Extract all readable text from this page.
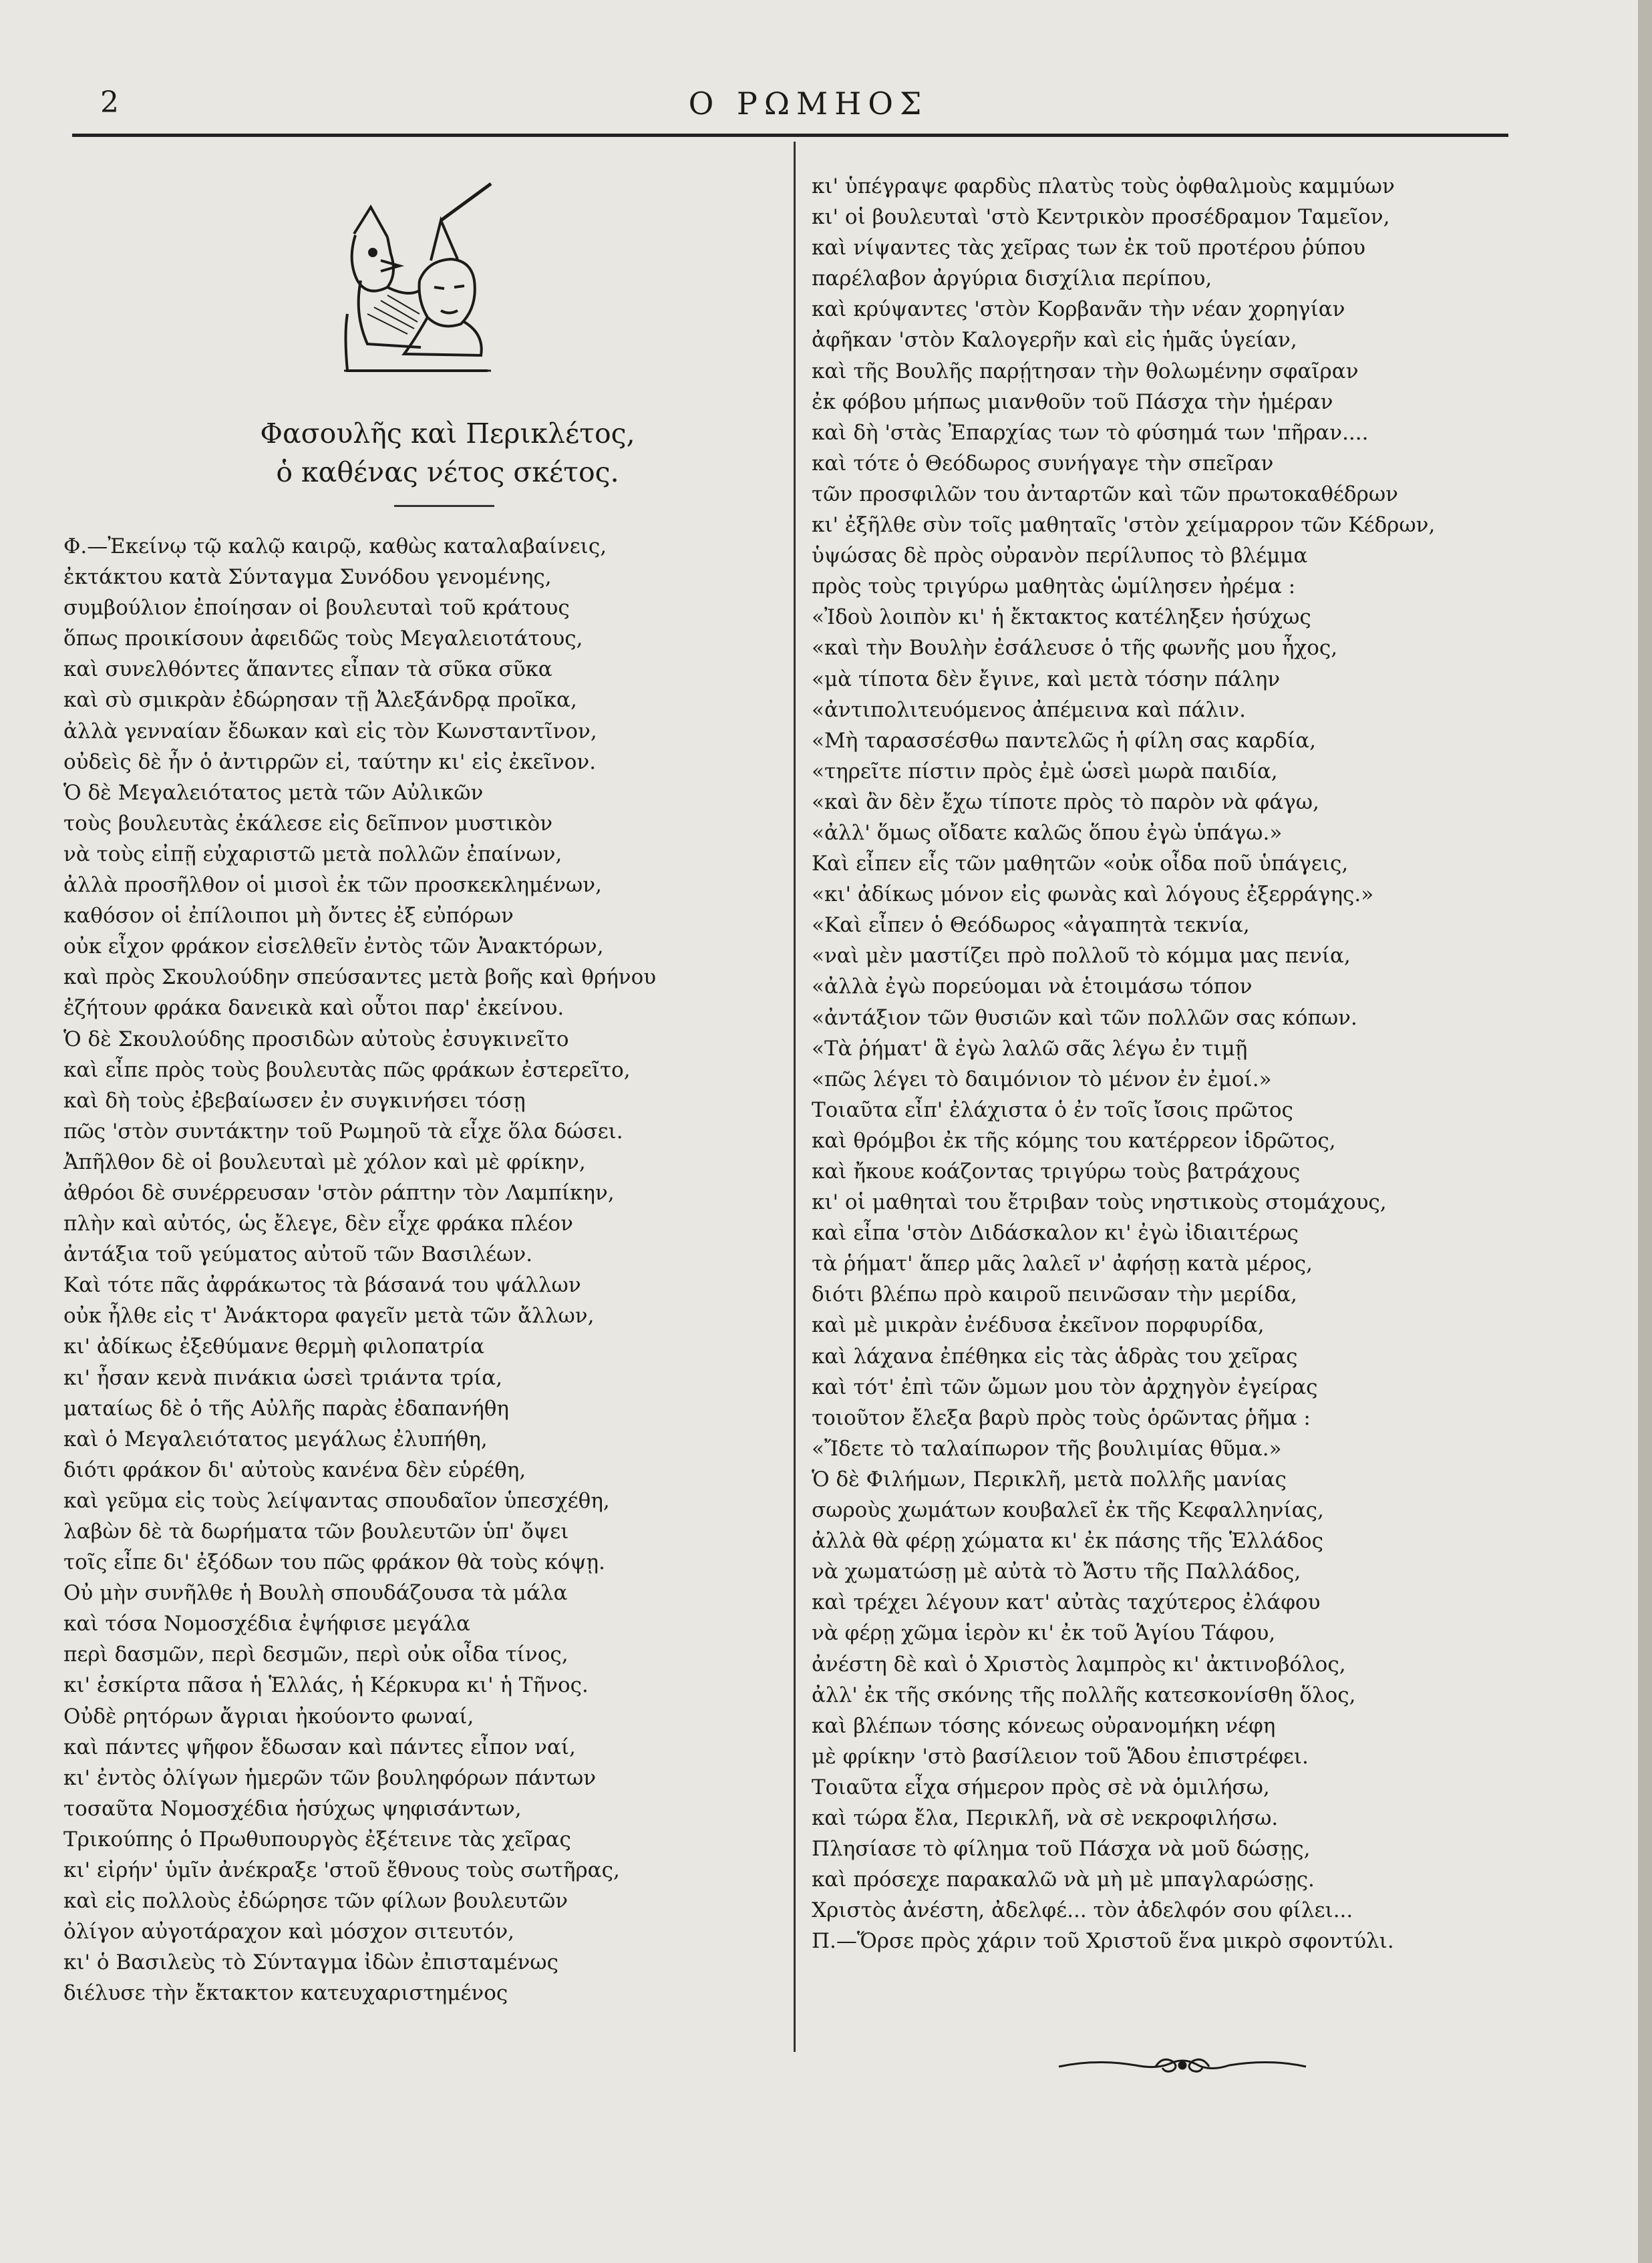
2	Ο ΡΩΜΗΟΣ
Φασουλῆς καὶ Περικλέτος,
ὁ καθένας νέτος σκέτος.
Φ.—Ἐκείνῳ τῷ καλῷ καιρῷ, καθὼς καταλαβαίνεις,
ἐκτάκτου κατὰ Σύνταγμα Συνόδου γενομένης,
συμβούλιον ἐποίησαν οἱ βουλευταὶ τοῦ κράτους
ὅπως προικίσουν ἀφειδῶς τοὺς Μεγαλειοτάτους,
καὶ συνελθόντες ἅπαντες εἶπαν τὰ σῦκα σῦκα
καὶ σὺ σμικρὰν ἐδώρησαν τῇ Ἀλεξάνδρᾳ προῖκα,
ἀλλὰ γενναίαν ἔδωκαν καὶ εἰς τὸν Κωνσταντῖνον,
οὐδεὶς δὲ ἦν ὁ ἀντιρρῶν εἰ, ταύτην κι' εἰς ἐκεῖνον.
Ὁ δὲ Μεγαλειότατος μετὰ τῶν Αὐλικῶν
τοὺς βουλευτὰς ἐκάλεσε εἰς δεῖπνον μυστικὸν
νὰ τοὺς εἰπῇ εὐχαριστῶ μετὰ πολλῶν ἐπαίνων,
ἀλλὰ προσῆλθον οἱ μισοὶ ἐκ τῶν προσκεκλημένων,
καθόσον οἱ ἐπίλοιποι μὴ ὄντες ἐξ εὐπόρων
οὐκ εἶχον φράκον εἰσελθεῖν ἐντὸς τῶν Ἀνακτόρων,
καὶ πρὸς Σκουλούδην σπεύσαντες μετὰ βοῆς καὶ θρήνου
ἐζήτουν φράκα δανεικὰ καὶ οὗτοι παρ' ἐκείνου.
Ὁ δὲ Σκουλούδης προσιδὼν αὐτοὺς ἐσυγκινεῖτο
καὶ εἶπε πρὸς τοὺς βουλευτὰς πῶς φράκων ἐστερεῖτο,
καὶ δὴ τοὺς ἐβεβαίωσεν ἐν συγκινήσει τόσῃ
πῶς 'στὸν συντάκτην τοῦ Ρωμηοῦ τὰ εἶχε ὅλα δώσει.
Ἀπῆλθον δὲ οἱ βουλευταὶ μὲ χόλον καὶ μὲ φρίκην,
ἀθρόοι δὲ συνέρρευσαν 'στὸν ράπτην τὸν Λαμπίκην,
πλὴν καὶ αὐτός, ὡς ἔλεγε, δὲν εἶχε φράκα πλέον
ἀντάξια τοῦ γεύματος αὐτοῦ τῶν Βασιλέων.
Καὶ τότε πᾶς ἀφράκωτος τὰ βάσανά του ψάλλων
οὐκ ἦλθε εἰς τ' Ἀνάκτορα φαγεῖν μετὰ τῶν ἄλλων,
κι' ἀδίκως ἐξεθύμανε θερμὴ φιλοπατρία
κι' ἦσαν κενὰ πινάκια ὡσεὶ τριάντα τρία,
ματαίως δὲ ὁ τῆς Αὐλῆς παρὰς ἐδαπανήθη
καὶ ὁ Μεγαλειότατος μεγάλως ἐλυπήθη,
διότι φράκον δι' αὐτοὺς κανένα δὲν εὑρέθη,
καὶ γεῦμα εἰς τοὺς λείψαντας σπουδαῖον ὑπεσχέθη,
λαβὼν δὲ τὰ δωρήματα τῶν βουλευτῶν ὑπ' ὄψει
τοῖς εἶπε δι' ἐξόδων του πῶς φράκον θὰ τοὺς κόψῃ.
Οὐ μὴν συνῆλθε ἡ Βουλὴ σπουδάζουσα τὰ μάλα
καὶ τόσα Νομοσχέδια ἐψήφισε μεγάλα
περὶ δασμῶν, περὶ δεσμῶν, περὶ οὐκ οἶδα τίνος,
κι' ἐσκίρτα πᾶσα ἡ Ἑλλάς, ἡ Κέρκυρα κι' ἡ Τῆνος.
Οὐδὲ ρητόρων ἄγριαι ἠκούοντο φωναί,
καὶ πάντες ψῆφον ἔδωσαν καὶ πάντες εἶπον ναί,
κι' ἐντὸς ὀλίγων ἡμερῶν τῶν βουληφόρων πάντων
τοσαῦτα Νομοσχέδια ἡσύχως ψηφισάντων,
Τρικούπης ὁ Πρωθυπουργὸς ἐξέτεινε τὰς χεῖρας
κι' εἰρήν' ὑμῖν ἀνέκραξε 'στοῦ ἔθνους τοὺς σωτῆρας,
καὶ εἰς πολλοὺς ἐδώρησε τῶν φίλων βουλευτῶν
ὀλίγον αὐγοτάραχον καὶ μόσχον σιτευτόν,
κι' ὁ Βασιλεὺς τὸ Σύνταγμα ἰδὼν ἐπισταμένως
διέλυσε τὴν ἔκτακτον κατευχαριστημένος
κι' ὑπέγραψε φαρδὺς πλατὺς τοὺς ὀφθαλμοὺς καμμύων
κι' οἱ βουλευταὶ 'στὸ Κεντρικὸν προσέδραμον Ταμεῖον,
καὶ νίψαντες τὰς χεῖρας των ἐκ τοῦ προτέρου ῥύπου
παρέλαβον ἀργύρια δισχίλια περίπου,
καὶ κρύψαντες 'στὸν Κορβανᾶν τὴν νέαν χορηγίαν
ἀφῆκαν 'στὸν Καλογερῆν καὶ εἰς ἡμᾶς ὑγείαν,
καὶ τῆς Βουλῆς παρῄτησαν τὴν θολωμένην σφαῖραν
ἐκ φόβου μήπως μιανθοῦν τοῦ Πάσχα τὴν ἡμέραν
καὶ δὴ 'στὰς Ἐπαρχίας των τὸ φύσημά των 'πῆραν....
καὶ τότε ὁ Θεόδωρος συνήγαγε τὴν σπεῖραν
τῶν προσφιλῶν του ἀνταρτῶν καὶ τῶν πρωτοκαθέδρων
κι' ἐξῆλθε σὺν τοῖς μαθηταῖς 'στὸν χείμαρρον τῶν Κέδρων,
ὑψώσας δὲ πρὸς οὐρανὸν περίλυπος τὸ βλέμμα
πρὸς τοὺς τριγύρω μαθητὰς ὡμίλησεν ἠρέμα :
«Ἰδοὺ λοιπὸν κι' ἡ ἔκτακτος κατέληξεν ἡσύχως
«καὶ τὴν Βουλὴν ἐσάλευσε ὁ τῆς φωνῆς μου ἦχος,
«μὰ τίποτα δὲν ἔγινε, καὶ μετὰ τόσην πάλην
«ἀντιπολιτευόμενος ἀπέμεινα καὶ πάλιν.
«Μὴ ταρασσέσθω παντελῶς ἡ φίλη σας καρδία,
«τηρεῖτε πίστιν πρὸς ἐμὲ ὡσεὶ μωρὰ παιδία,
«καὶ ἂν δὲν ἔχω τίποτε πρὸς τὸ παρὸν νὰ φάγω,
«ἀλλ' ὅμως οἴδατε καλῶς ὅπου ἐγὼ ὑπάγω.»
Καὶ εἶπεν εἷς τῶν μαθητῶν «οὐκ οἶδα ποῦ ὑπάγεις,
«κι' ἀδίκως μόνον εἰς φωνὰς καὶ λόγους ἐξερράγης.»
«Καὶ εἶπεν ὁ Θεόδωρος «ἀγαπητὰ τεκνία,
«ναὶ μὲν μαστίζει πρὸ πολλοῦ τὸ κόμμα μας πενία,
«ἀλλὰ ἐγὼ πορεύομαι νὰ ἑτοιμάσω τόπον
«ἀντάξιον τῶν θυσιῶν καὶ τῶν πολλῶν σας κόπων.
«Τὰ ῥήματ' ἃ ἐγὼ λαλῶ σᾶς λέγω ἐν τιμῇ
«πῶς λέγει τὸ δαιμόνιον τὸ μένον ἐν ἐμοί.»
Τοιαῦτα εἶπ' ἐλάχιστα ὁ ἐν τοῖς ἴσοις πρῶτος
καὶ θρόμβοι ἐκ τῆς κόμης του κατέρρεον ἱδρῶτος,
καὶ ἤκουε κοάζοντας τριγύρω τοὺς βατράχους
κι' οἱ μαθηταὶ του ἔτριβαν τοὺς νηστικοὺς στομάχους,
καὶ εἶπα 'στὸν Διδάσκαλον κι' ἐγὼ ἰδιαιτέρως
τὰ ῥήματ' ἅπερ μᾶς λαλεῖ ν' ἀφήσῃ κατὰ μέρος,
διότι βλέπω πρὸ καιροῦ πεινῶσαν τὴν μερίδα,
καὶ μὲ μικρὰν ἐνέδυσα ἐκεῖνον πορφυρίδα,
καὶ λάχανα ἐπέθηκα εἰς τὰς ἁδρὰς του χεῖρας
καὶ τότ' ἐπὶ τῶν ὤμων μου τὸν ἀρχηγὸν ἐγείρας
τοιοῦτον ἔλεξα βαρὺ πρὸς τοὺς ὁρῶντας ῥῆμα :
«Ἴδετε τὸ ταλαίπωρον τῆς βουλιμίας θῦμα.»
Ὁ δὲ Φιλήμων, Περικλῆ, μετὰ πολλῆς μανίας
σωροὺς χωμάτων κουβαλεῖ ἐκ τῆς Κεφαλληνίας,
ἀλλὰ θὰ φέρῃ χώματα κι' ἐκ πάσης τῆς Ἑλλάδος
νὰ χωματώσῃ μὲ αὐτὰ τὸ Ἄστυ τῆς Παλλάδος,
καὶ τρέχει λέγουν κατ' αὐτὰς ταχύτερος ἐλάφου
νὰ φέρῃ χῶμα ἱερὸν κι' ἐκ τοῦ Ἁγίου Τάφου,
ἀνέστη δὲ καὶ ὁ Χριστὸς λαμπρὸς κι' ἀκτινοβόλος,
ἀλλ' ἐκ τῆς σκόνης τῆς πολλῆς κατεσκονίσθη ὅλος,
καὶ βλέπων τόσης κόνεως οὐρανομήκη νέφη
μὲ φρίκην 'στὸ βασίλειον τοῦ Ἅδου ἐπιστρέφει.
Τοιαῦτα εἶχα σήμερον πρὸς σὲ νὰ ὁμιλήσω,
καὶ τώρα ἔλα, Περικλῆ, νὰ σὲ νεκροφιλήσω.
Πλησίασε τὸ φίλημα τοῦ Πάσχα νὰ μοῦ δώσῃς,
καὶ πρόσεχε παρακαλῶ νὰ μὴ μὲ μπαγλαρώσῃς.
Χριστὸς ἀνέστη, ἀδελφέ... τὸν ἀδελφόν σου φίλει...
Π.—Ὅρσε πρὸς χάριν τοῦ Χριστοῦ ἕνα μικρὸ σφοντύλι.
